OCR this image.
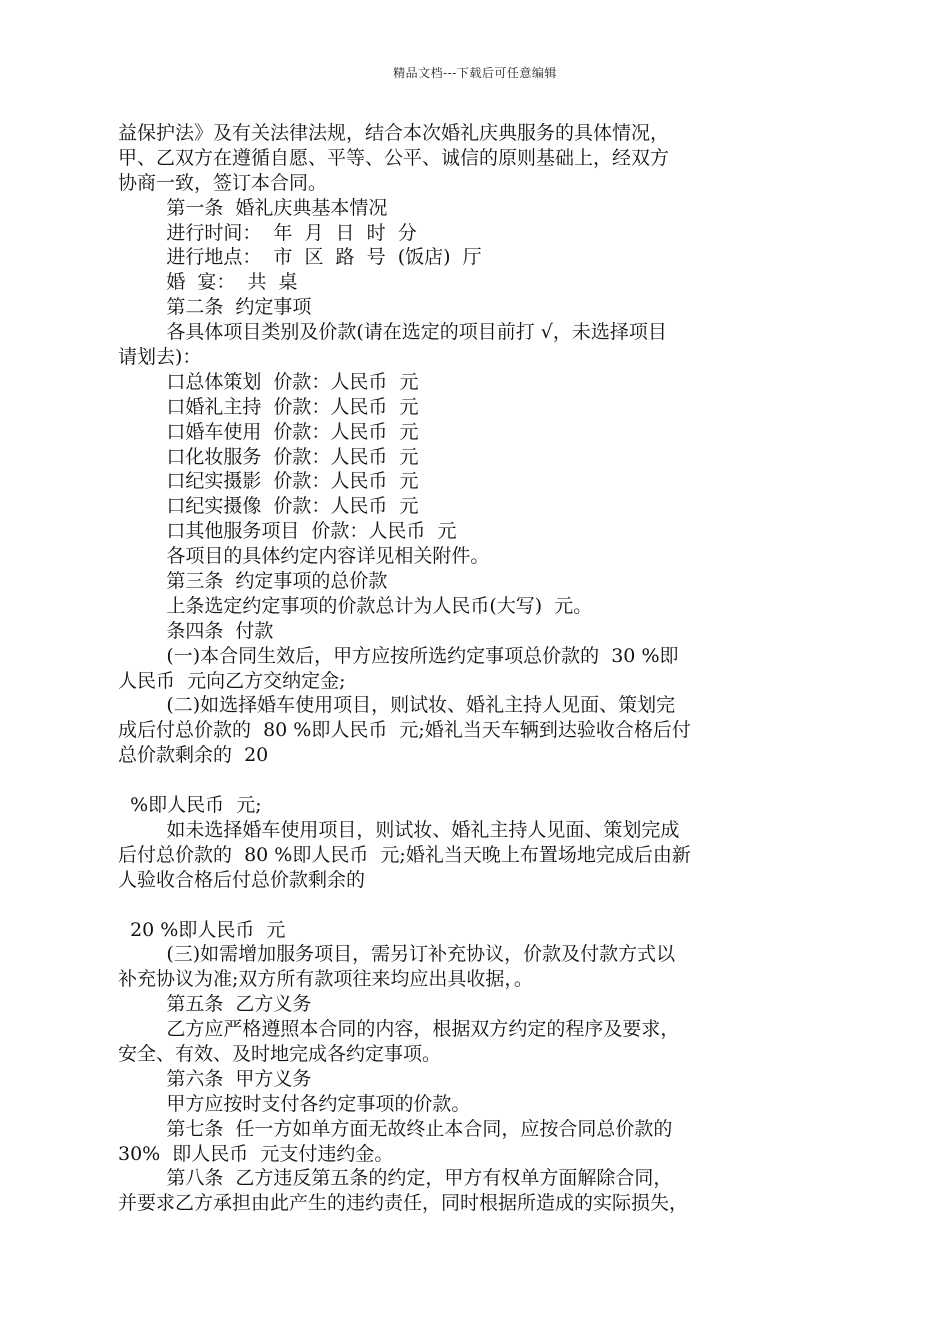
精品文档---下载后可任意编辑
益保护法》及有关法律法规，结合本次婚礼庆典服务的具体情况，
甲、乙双方在遵循自愿、平等、公平、诚信的原则基础上，经双方
协商一致，签订本合同。
第一条  婚礼庆典基本情况
进行时间：  年  月  日  时  分
进行地点：  市  区  路  号  (饭店)  厅
婚  宴：  共  桌
第二条  约定事项
各具体项目类别及价款(请在选定的项目前打 √，未选择项目
请划去)：
口总体策划  价款：人民币  元
口婚礼主持  价款：人民币  元
口婚车使用  价款：人民币  元
口化妆服务  价款：人民币  元
口纪实摄影  价款：人民币  元
口纪实摄像  价款：人民币  元
口其他服务项目  价款：人民币  元
各项目的具体约定内容详见相关附件。
第三条  约定事项的总价款
上条选定约定事项的价款总计为人民币(大写)  元。
条四条  付款
(一)本合同生效后，甲方应按所选约定事项总价款的  30 %即
人民币  元向乙方交纳定金;
(二)如选择婚车使用项目，则试妆、婚礼主持人见面、策划完
成后付总价款的  80 %即人民币  元;婚礼当天车辆到达验收合格后付
总价款剩余的  20
%即人民币  元;
如未选择婚车使用项目，则试妆、婚礼主持人见面、策划完成
后付总价款的  80 %即人民币  元;婚礼当天晚上布置场地完成后由新
人验收合格后付总价款剩余的
20 %即人民币  元
(三)如需增加服务项目，需另订补充协议，价款及付款方式以
补充协议为准;双方所有款项往来均应出具收据，。
第五条  乙方义务
乙方应严格遵照本合同的内容，根据双方约定的程序及要求，
安全、有效、及时地完成各约定事项。
第六条  甲方义务
甲方应按时支付各约定事项的价款。
第七条  任一方如单方面无故终止本合同，应按合同总价款的
30%  即人民币  元支付违约金。
第八条  乙方违反第五条的约定，甲方有权单方面解除合同，
并要求乙方承担由此产生的违约责任，同时根据所造成的实际损失，
